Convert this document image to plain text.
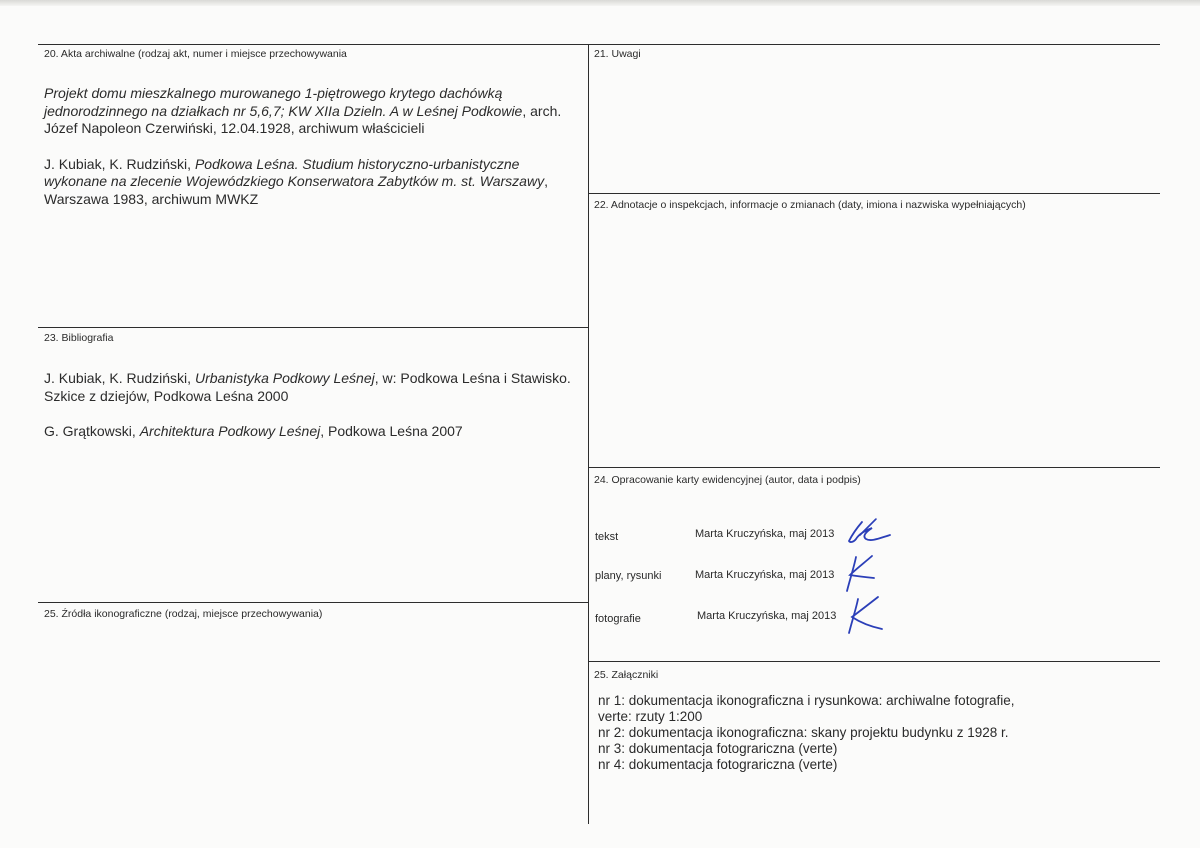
20. Akta archiwalne (rodzaj akt, numer i miejsce przechowywania

Projekt domu mieszkalnego murowanego 1-piętrowego krytego dachówką jednorodzinnego na działkach nr 5,6,7; KW XIIa Dzieln. A w Leśnej Podkowie, arch. Józef Napoleon Czerwiński, 12.04.1928, archiwum właścicieli

J. Kubiak, K. Rudziński, Podkowa Leśna. Studium historyczno-urbanistyczne wykonane na zlecenie Wojewódzkiego Konserwatora Zabytków m. st. Warszawy, Warszawa 1983, archiwum MWKZ

21. Uwagi
22. Adnotacje o inspekcjach, informacje o zmianach (daty, imiona i nazwiska wypełniających)
23. Bibliografia

J. Kubiak, K. Rudziński, Urbanistyka Podkowy Leśnej, w: Podkowa Leśna i Stawisko. Szkice z dziejów, Podkowa Leśna 2000

G. Grątkowski, Architektura Podkowy Leśnej, Podkowa Leśna 2007

24. Opracowanie karty ewidencyjnej (autor, data i podpis)
tekst	Marta Kruczyńska, maj 2013
plany, rysunki	Marta Kruczyńska, maj 2013
fotografie	Marta Kruczyńska, maj 2013
25. Źródła ikonograficzne (rodzaj, miejsce przechowywania)
25. Załączniki
nr 1: dokumentacja ikonograficzna i rysunkowa: archiwalne fotografie,
verte: rzuty 1:200
nr 2: dokumentacja ikonograficzna: skany projektu budynku z 1928 r.
nr 3: dokumentacja fotograriczna (verte)
nr 4: dokumentacja fotograriczna (verte)
